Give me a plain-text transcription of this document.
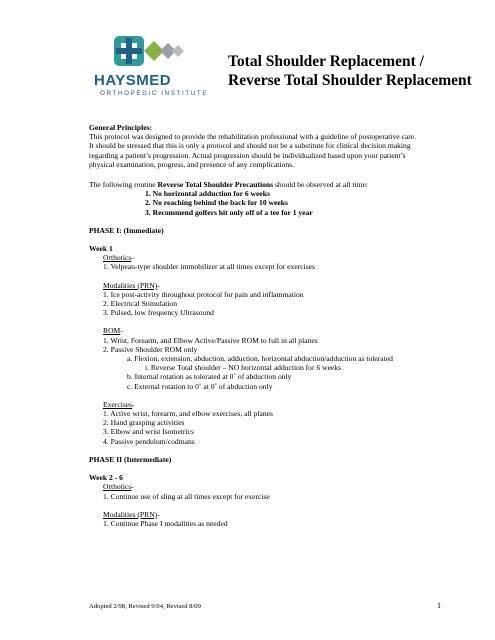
HAYSMED
ORTHOPEDIC INSTITUTE
Total Shoulder Replacement /
Reverse Total Shoulder Replacement

General Principles:

This protocol was designed to provide the rehabilitation professional with a guideline of postoperative care.

It should be stressed that this is only a protocol and should not be a substitute for clinical decision making

regarding a patient’s progression. Actual progression should be individualized based upon your patient’s

physical examination, progress, and presence of any complications.

The following routine Reverse Total Shoulder Precautions should be observed at all time:

1. No horizontal adduction for 6 weeks

2. No reaching behind the back for 10 weeks

3. Recommend golfers hit only off of a tee for 1 year

PHASE I: (Immediate)

Week 1

Orthotics-

1. Velpeau-type shoulder immobilizer at all times except for exercises

Modalities (PRN)-

1. Ice post-activity throughout protocol for pain and inflammation

2. Electrical Stimulation

3. Pulsed, low frequency Ultrasound

ROM-

1. Wrist, Forearm, and Elbow Active/Passive ROM to full in all planes

2. Passive Shoulder ROM only

a. Flexion, extension, abduction, adduction, horizontal abduction/adduction as tolerated

i. Reverse Total shoulder – NO horizontal adduction for 6 weeks

b. Internal rotation as tolerated at 0˚ of abduction only

c. External rotation to 0˚ at 0˚ of abduction only

Exercises-

1. Active wrist, forearm, and elbow exercises, all planes

2. Hand grasping activities

3. Elbow and wrist Isometrics

4. Passive pendulum/codmans

PHASE II (Intermediate)

Week 2 - 6

Orthotics-

1. Continue use of sling at all times except for exercise

Modalities (PRN)-

1. Continue Phase I modalities as needed

Adopted 2/98, Revised 9/04, Revised 8/09	1
